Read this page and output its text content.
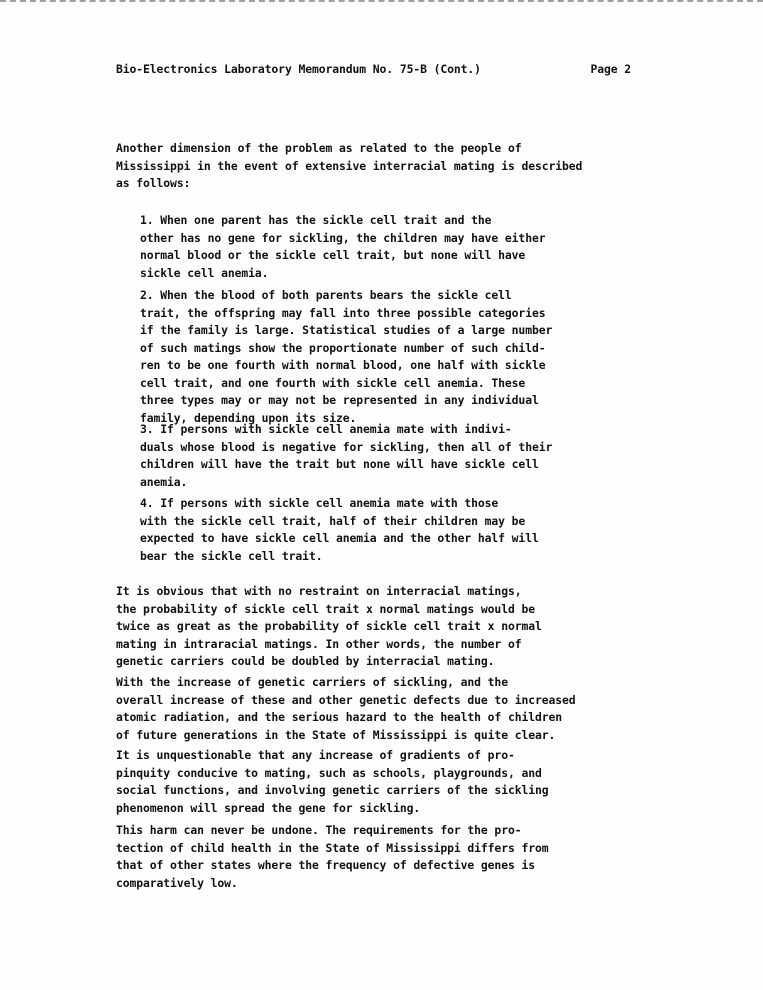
Bio-Electronics Laboratory Memorandum No. 75-B (Cont.)	Page 2

Another dimension of the problem as related to the people of
Mississippi in the event of extensive interracial mating is described
as follows:

1. When one parent has the sickle cell trait and the
other has no gene for sickling, the children may have either
normal blood or the sickle cell trait, but none will have
sickle cell anemia.

2. When the blood of both parents bears the sickle cell
trait, the offspring may fall into three possible categories
if the family is large. Statistical studies of a large number
of such matings show the proportionate number of such child-
ren to be one fourth with normal blood, one half with sickle
cell trait, and one fourth with sickle cell anemia. These
three types may or may not be represented in any individual
family, depending upon its size.

3. If persons with sickle cell anemia mate with indivi-
duals whose blood is negative for sickling, then all of their
children will have the trait but none will have sickle cell
anemia.

4. If persons with sickle cell anemia mate with those
with the sickle cell trait, half of their children may be
expected to have sickle cell anemia and the other half will
bear the sickle cell trait.

It is obvious that with no restraint on interracial matings,
the probability of sickle cell trait x normal matings would be
twice as great as the probability of sickle cell trait x normal
mating in intraracial matings. In other words, the number of
genetic carriers could be doubled by interracial mating.

With the increase of genetic carriers of sickling, and the
overall increase of these and other genetic defects due to increased
atomic radiation, and the serious hazard to the health of children
of future generations in the State of Mississippi is quite clear.

It is unquestionable that any increase of gradients of pro-
pinquity conducive to mating, such as schools, playgrounds, and
social functions, and involving genetic carriers of the sickling
phenomenon will spread the gene for sickling.

This harm can never be undone. The requirements for the pro-
tection of child health in the State of Mississippi differs from
that of other states where the frequency of defective genes is
comparatively low.
